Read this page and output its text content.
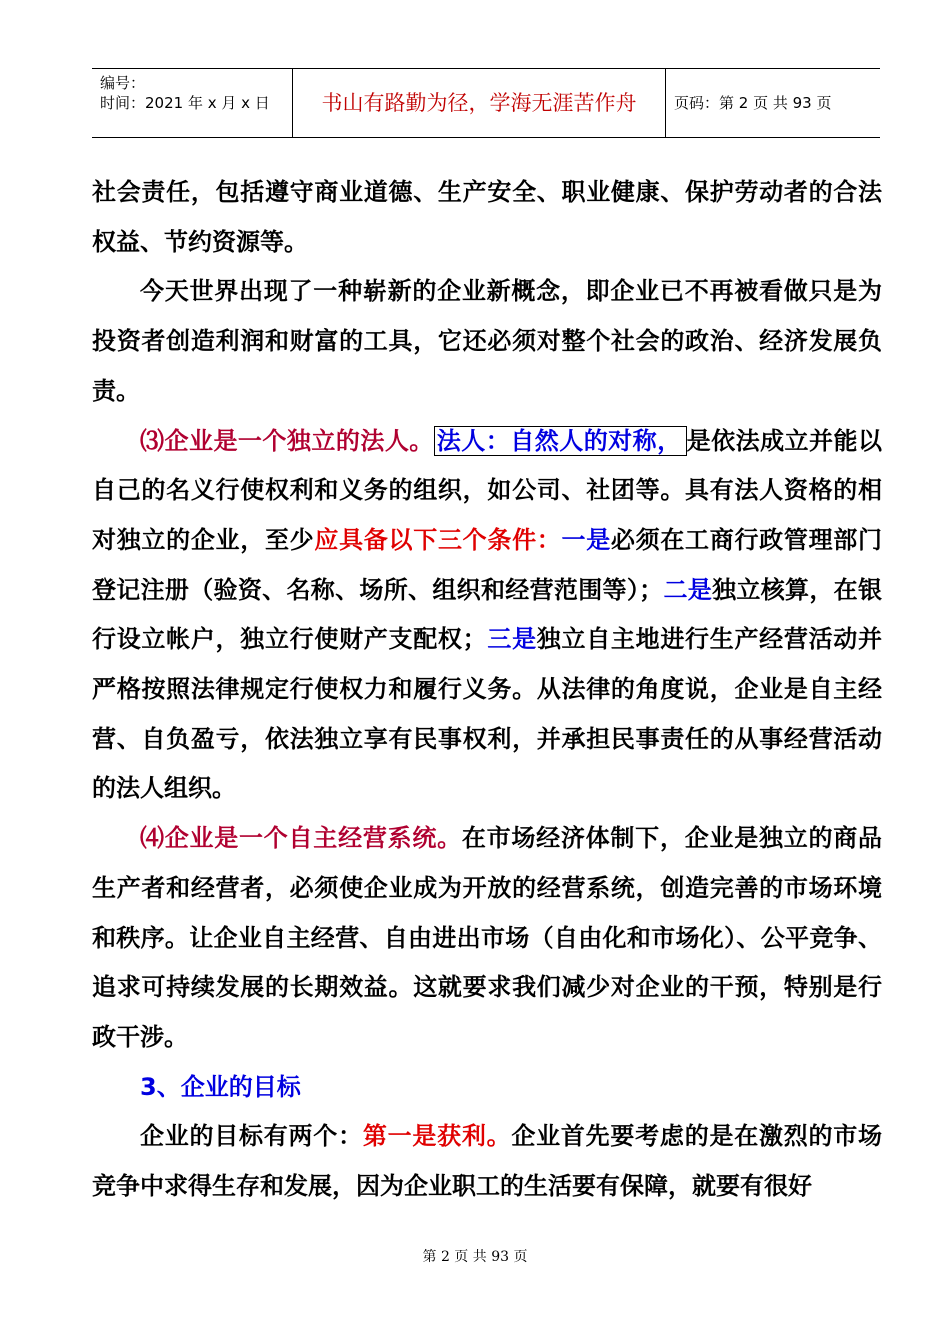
编号：
时间：2021 年 x 月 x 日	书山有路勤为径，学海无涯苦作舟	页码：第 2 页 共 93 页

社会责任，包括遵守商业道德、生产安全、职业健康、保护劳动者的合法权益、节约资源等。

今天世界出现了一种崭新的企业新概念，即企业已不再被看做只是为投资者创造利润和财富的工具，它还必须对整个社会的政治、经济发展负责。

⑶企业是一个独立的法人。 法人：自然人的对称， 是依法成立并能以自己的名义行使权利和义务的组织，如公司、社团等。具有法人资格的相对独立的企业，至少应具备以下三个条件：一是必须在工商行政管理部门登记注册（验资、名称、场所、组织和经营范围等）；二是独立核算，在银行设立帐户，独立行使财产支配权；三是独立自主地进行生产经营活动并严格按照法律规定行使权力和履行义务。从法律的角度说，企业是自主经营、自负盈亏，依法独立享有民事权利，并承担民事责任的从事经营活动的法人组织。

⑷企业是一个自主经营系统。在市场经济体制下，企业是独立的商品生产者和经营者，必须使企业成为开放的经营系统，创造完善的市场环境和秩序。让企业自主经营、自由进出市场（自由化和市场化）、公平竞争、追求可持续发展的长期效益。这就要求我们减少对企业的干预，特别是行政干涉。

3、企业的目标

企业的目标有两个：第一是获利。企业首先要考虑的是在激烈的市场竞争中求得生存和发展，因为企业职工的生活要有保障，就要有很好

第 2 页 共 93 页
